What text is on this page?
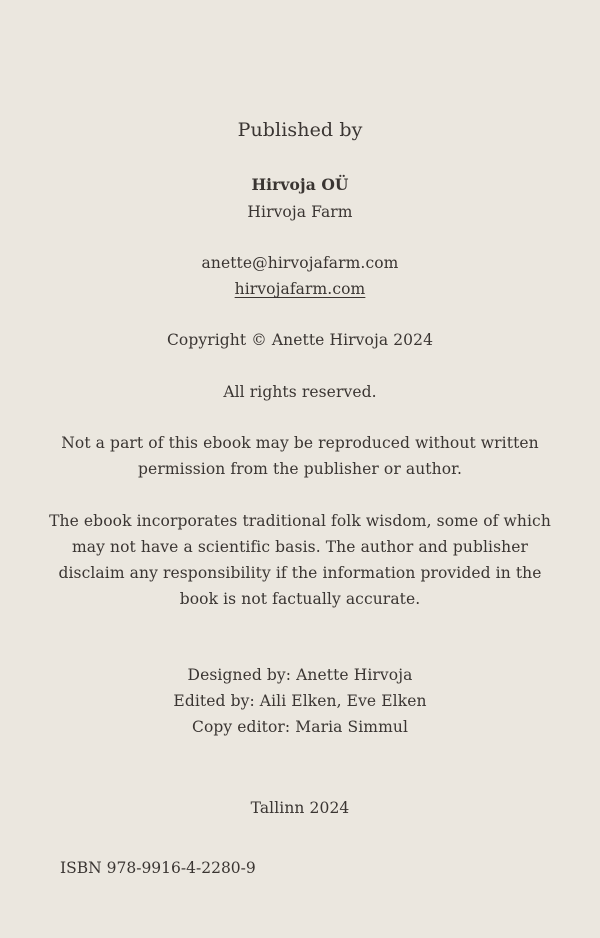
Published by
Hirvoja OÜ
Hirvoja Farm
anette@hirvojafarm.com
hirvojafarm.com
Copyright © Anette Hirvoja 2024
All rights reserved.
Not a part of this ebook may be reproduced without written permission from the publisher or author.
The ebook incorporates traditional folk wisdom, some of which may not have a scientific basis. The author and publisher disclaim any responsibility if the information provided in the book is not factually accurate.
Designed by: Anette Hirvoja
Edited by: Aili Elken, Eve Elken
Copy editor: Maria Simmul
Tallinn 2024
ISBN 978-9916-4-2280-9
